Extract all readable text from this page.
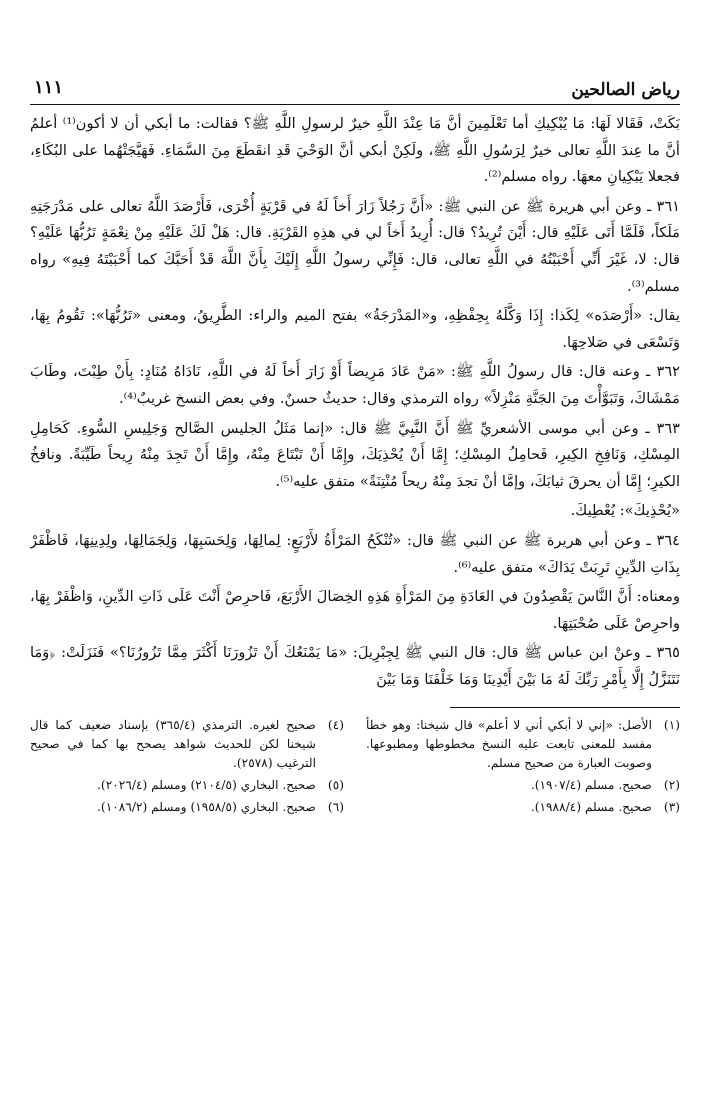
رياض الصالحين
١١١

بَكَتْ، فَقَالا لَهَا: مَا يُبْكِيكِ أما تَعْلَمِينَ أنَّ مَا عِنْدَ اللَّهِ خيرٌ لرسولِ اللَّهِ ﷺ؟ فقالت: ما أبكي أن لا أكون⁽¹⁾ أعلمُ أنَّ ما عِندَ اللَّهِ تعالى خيرٌ لِرَسُولِ اللَّهِ ﷺ، ولَكِنْ أبكي أنَّ الوَحْيَ قَدِ انقَطَعَ مِنَ السَّمَاءِ. فَهَيَّجَتْهُما على البُكَاءِ، فجعلا يَبْكِيانِ معهَا. رواه مسلم⁽²⁾.

٣٦١ ـ وعن أبي هريرة ﷺ عن النبي ﷺ: «أَنَّ رَجُلاً زَارَ أَخاً لَهُ في قَرْيَةٍ أُخْرَى، فَأَرْصَدَ اللَّهُ تعالى على مَدْرَجَتِهِ مَلَكاً، فَلَمَّا أَتَى عَلَيْهِ قال: أَيْنَ تُرِيدُ؟ قال: أُرِيدُ أَخاً لي في هذِهِ القَرْيَةِ. قال: هَلْ لَكَ عَلَيْهِ مِنْ نِعْمَةٍ تَرُبُّهَا عَلَيْهِ؟ قال: لا، غَيْرَ أَنِّي أَحْبَبْتُهُ في اللَّهِ تعالى، قال: فَإِنِّي رسولُ اللَّهِ إِلَيْكَ بِأَنَّ اللَّهَ قَدْ أَحَبَّكَ كما أَحْبَبْتَهُ فِيهِ» رواه مسلم⁽³⁾.

يقال: «أَرْصَدَه» لِكَذا: إِذَا وَكَّلَهُ بِحِفْظِهِ، و«المَدْرَجَةُ» بفتح الميم والراء: الطَّرِيقُ، ومعنى «تَرُبُّهَا»: تَقُومُ بِهَا، وَتَسْعَى في صَلاحِهَا.

٣٦٢ ـ وعنه قال: قال رسولُ اللَّهِ ﷺ: «مَنْ عَادَ مَرِيضاً أَوْ زَارَ أَخاً لَهُ في اللَّهِ، نَادَاهُ مُنَادٍ: بِأَنْ طِبْتَ، وطَابَ مَمْشَاكَ، وَتَبَوَّأْتَ مِنَ الجَنَّةِ مَنْزِلاً» رواه الترمذي وقال: حديثٌ حسنٌ. وفي بعض النسخ غريبٌ⁽⁴⁾.

٣٦٣ ـ وعن أبي موسى الأشعريِّ ﷺ أَنَّ النَّبِيَّ ﷺ قال: «إنما مَثَلُ الجليس الصَّالح وَجَلِيسِ السُّوءِ. كَحَامِلِ المِسْكِ، وَنَافِخِ الكِيرِ، فَحامِلُ المِسْكِ؛ إِمَّا أَنْ يُحْذِيَكَ، وإِمَّا أَنْ تَبْتَاعَ مِنْهُ، وإِمَّا أَنْ تَجِدَ مِنْهُ رِيحاً طَيِّبَةً. ونافخُ الكيرِ؛ إِمَّا أن يحرقَ ثيابَكَ، وإمَّا أنْ تجدَ مِنْهُ ريحاً مُنْتِنَةً» متفق عليه⁽⁵⁾.

«يُحْذِيكَ»: يُعْطِيكَ.

٣٦٤ ـ وعن أبي هريرة ﷺ عن النبي ﷺ قال: «تُنْكَحُ المَرْأَةُ لأَرْبَعٍ: لِمالِهَا، وَلِحَسَبِهَا، وَلِجَمَالِهَا، ولِدِينِهَا، فَاظْفَرْ بِذَاتِ الدِّينِ تَرِبَتْ يَدَاكَ» متفق عليه⁽⁶⁾.

ومعناه: أَنَّ النَّاسَ يَقْصِدُونَ في العَادَةِ مِنَ المَرْأَةِ هَذِهِ الخِصَالَ الأَرْبَعَ، فَاحرِصْ أَنْتَ عَلَى ذَاتِ الدِّينِ، وَاظْفَرْ بِهَا، واحرِصْ عَلَى صُحْبَتِهَا.

٣٦٥ ـ وعنْ ابن عباس ﷺ قال: قال النبي ﷺ لِجِبْرِيلَ: «مَا يَمْنَعُكَ أَنْ تَزُورَنَا أَكْثَرَ مِمَّا تَزُورُنَا؟» فَنَزَلَتْ: ﴿وَمَا نَتَنَزَّلُ إِلَّا بِأَمْرِ رَبِّكَ لَهُ مَا بَيْنَ أَيْدِينَا وَمَا خَلْفَنَا وَمَا بَيْنَ

(١)
الأصل: «إني لا أبكي أني لا أعلم» قال شيخنا: وهو خطأ مفسد للمعنى تابعت عليه النسخ مخطوطها ومطبوعها. وصوبت العبارة من صحيح مسلم.
(٢)
صحيح. مسلم (١٩٠٧/٤).
(٣)
صحيح. مسلم (١٩٨٨/٤).
(٤)
صحيح لغيره. الترمذي (٣٦٥/٤) بإسناد ضعيف كما قال شيخنا لكن للحديث شواهد يصحح بها كما في صحيح الترغيب (٢٥٧٨).
(٥)
صحيح. البخاري (٢١٠٤/٥) ومسلم (٢٠٢٦/٤).
(٦)
صحيح. البخاري (١٩٥٨/٥) ومسلم (١٠٨٦/٢).
